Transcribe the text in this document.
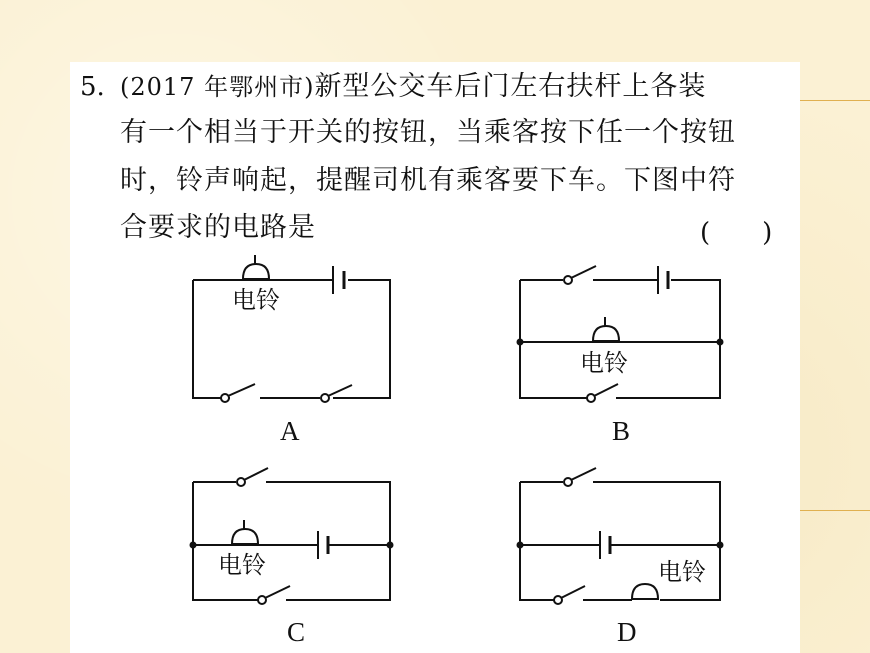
5. (2017 年鄂州市)新型公交车后门左右扶杆上各装
有一个相当于开关的按钮，当乘客按下任一个按钮
时，铃声响起，提醒司机有乘客要下车。下图中符
合要求的电路是	(　　)
电铃
电铃
电铃	电铃
A	B
C	D
